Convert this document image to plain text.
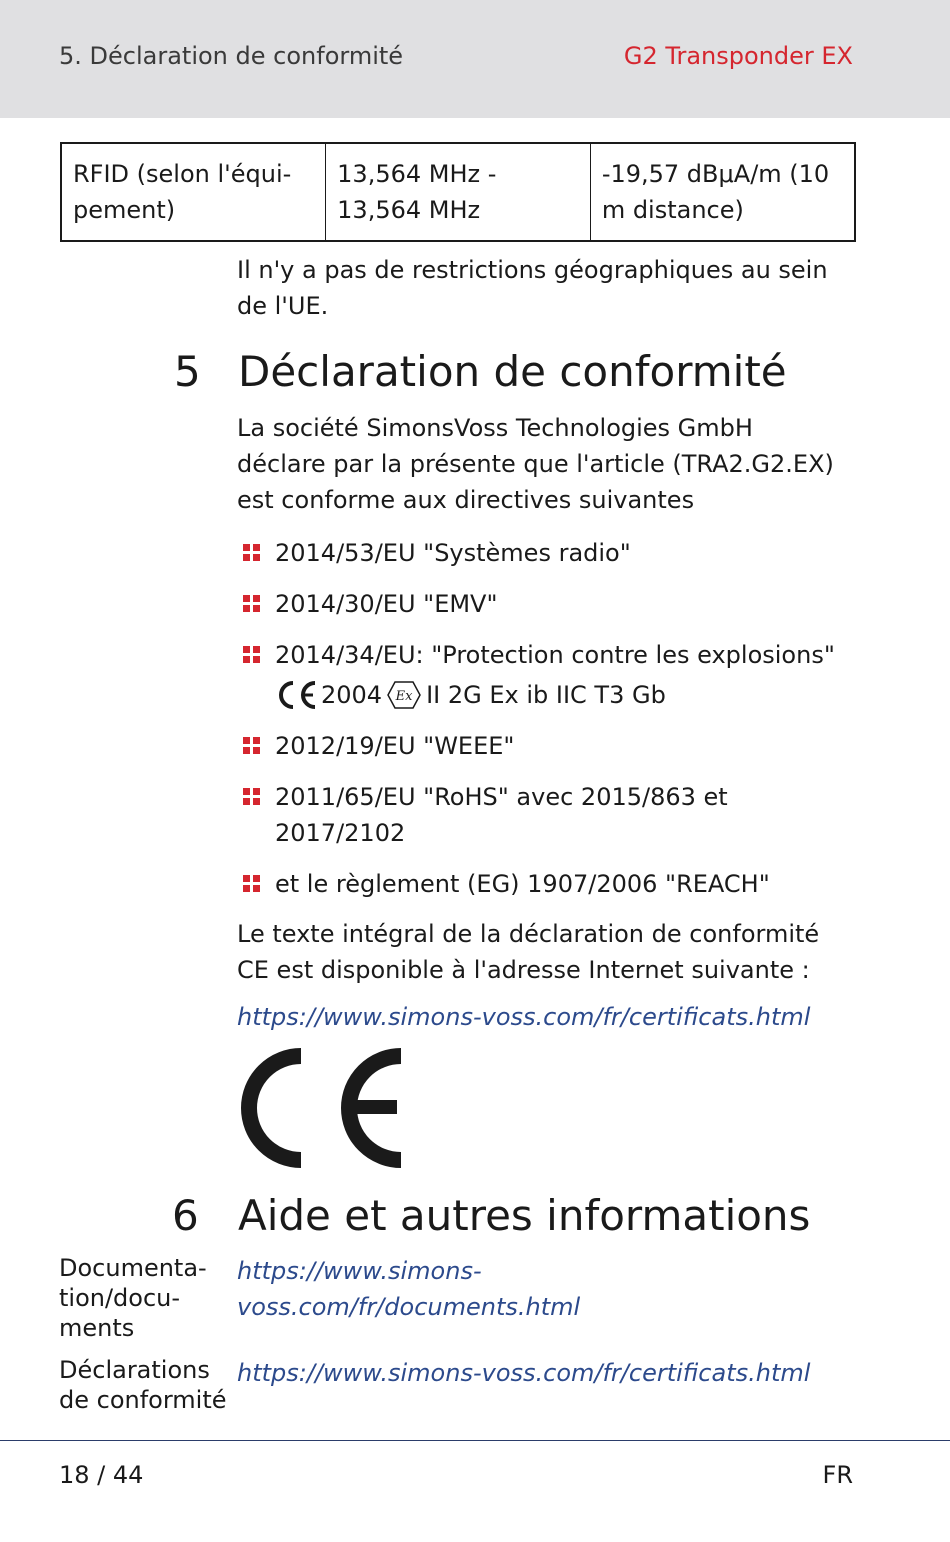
5. Déclaration de conformité	G2 Transponder EX
RFID (selon l'équi-pement)	13,564 MHz - 13,564 MHz	-19,57 dBμA/m (10 m distance)
Il n'y a pas de restrictions géographiques au sein de l'UE.
5 Déclaration de conformité
La société SimonsVoss Technologies GmbH déclare par la présente que l'article (TRA2.G2.EX) est conforme aux directives suivantes
2014/53/EU "Systèmes radio"
2014/30/EU "EMV"
2014/34/EU: "Protection contre les explosions"
2004 Ex II 2G Ex ib IIC T3 Gb
2012/19/EU "WEEE"
2011/65/EU "RoHS" avec 2015/863 et 2017/2102
et le règlement (EG) 1907/2006 "REACH"
Le texte intégral de la déclaration de conformité CE est disponible à l'adresse Internet suivante :
https://www.simons-voss.com/fr/certificats.html
6 Aide et autres informations
Documenta-tion/docu-ments
https://www.simons-voss.com/fr/documents.html
Déclarations de conformité
https://www.simons-voss.com/fr/certificats.html
18 / 44	FR
